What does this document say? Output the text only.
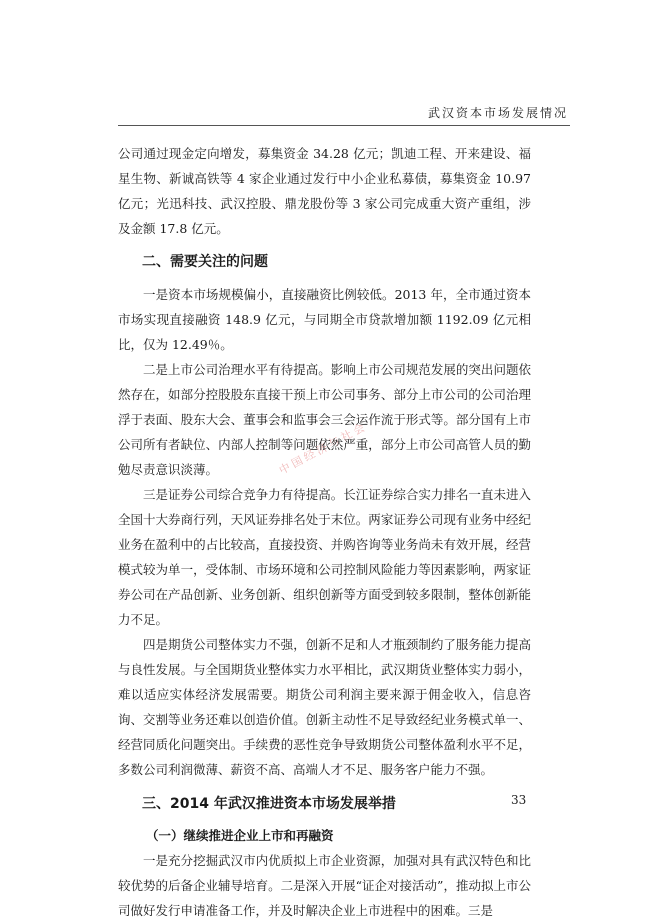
武汉资本市场发展情况
中国经济与社会

公司通过现金定向增发，募集资金 34.28 亿元；凯迪工程、开来建设、福星生物、新诚高铁等 4 家企业通过发行中小企业私募债，募集资金 10.97 亿元；光迅科技、武汉控股、鼎龙股份等 3 家公司完成重大资产重组，涉及金额 17.8 亿元。

二、需要关注的问题

一是资本市场规模偏小，直接融资比例较低。2013 年，全市通过资本市场实现直接融资 148.9 亿元，与同期全市贷款增加额 1192.09 亿元相比，仅为 12.49％。

二是上市公司治理水平有待提高。影响上市公司规范发展的突出问题依然存在，如部分控股股东直接干预上市公司事务、部分上市公司的公司治理浮于表面、股东大会、董事会和监事会三会运作流于形式等。部分国有上市公司所有者缺位、内部人控制等问题依然严重，部分上市公司高管人员的勤勉尽责意识淡薄。

三是证券公司综合竞争力有待提高。长江证券综合实力排名一直未进入全国十大券商行列，天风证券排名处于末位。两家证券公司现有业务中经纪业务在盈利中的占比较高，直接投资、并购咨询等业务尚未有效开展，经营模式较为单一，受体制、市场环境和公司控制风险能力等因素影响，两家证券公司在产品创新、业务创新、组织创新等方面受到较多限制，整体创新能力不足。

四是期货公司整体实力不强，创新不足和人才瓶颈制约了服务能力提高与良性发展。与全国期货业整体实力水平相比，武汉期货业整体实力弱小，难以适应实体经济发展需要。期货公司利润主要来源于佣金收入，信息咨询、交割等业务还难以创造价值。创新主动性不足导致经纪业务模式单一、经营同质化问题突出。手续费的恶性竞争导致期货公司整体盈利水平不足，多数公司利润微薄、薪资不高、高端人才不足、服务客户能力不强。

三、2014 年武汉推进资本市场发展举措
（一）继续推进企业上市和再融资

一是充分挖掘武汉市内优质拟上市企业资源，加强对具有武汉特色和比较优势的后备企业辅导培育。二是深入开展“证企对接活动”，推动拟上市公司做好发行申请准备工作，并及时解决企业上市进程中的困难。三是

33
